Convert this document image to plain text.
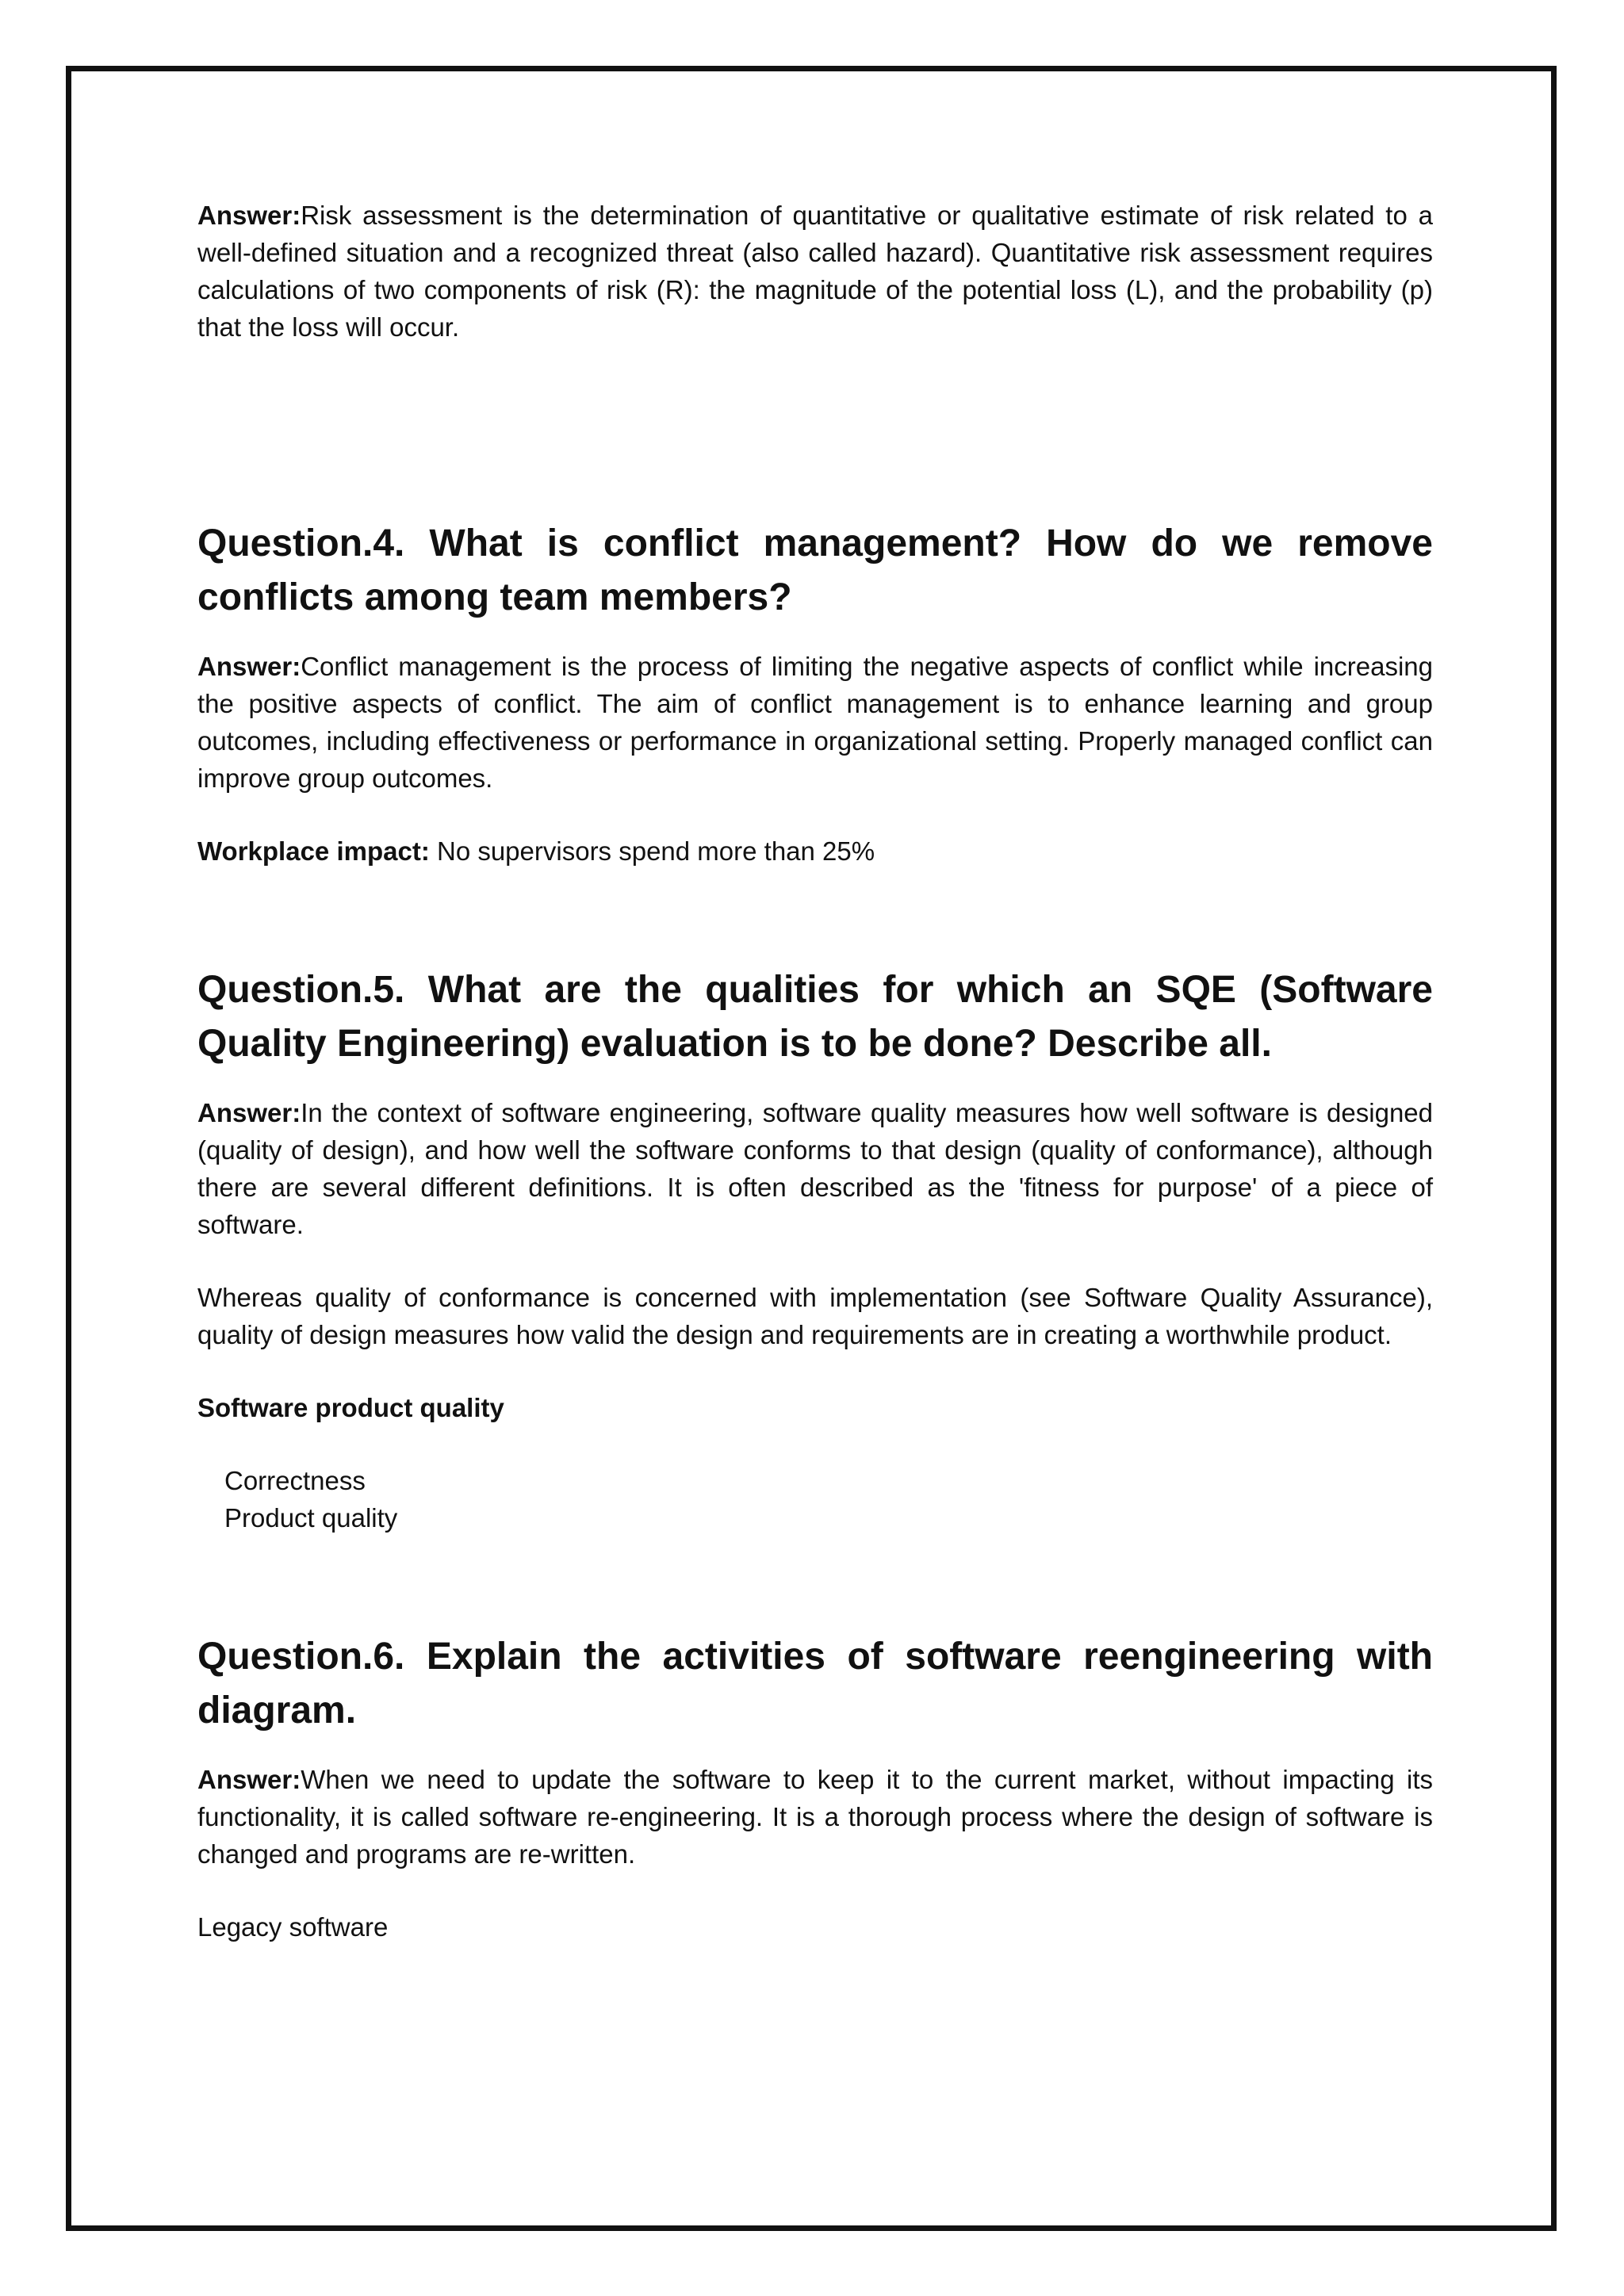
Answer:Risk assessment is the determination of quantitative or qualitative estimate of risk related to a well-defined situation and a recognized threat (also called hazard). Quantitative risk assessment requires calculations of two components of risk (R): the magnitude of the potential loss (L), and the probability (p) that the loss will occur.

Question.4. What is conflict management? How do we remove conflicts among team members?

Answer:Conflict management is the process of limiting the negative aspects of conflict while increasing the positive aspects of conflict. The aim of conflict management is to enhance learning and group outcomes, including effectiveness or performance in organizational setting. Properly managed conflict can improve group outcomes.

Workplace impact: No supervisors spend more than 25%

Question.5. What are the qualities for which an SQE (Software Quality Engineering) evaluation is to be done? Describe all.

Answer:In the context of software engineering, software quality measures how well software is designed (quality of design), and how well the software conforms to that design (quality of conformance), although there are several different definitions. It is often described as the 'fitness for purpose' of a piece of software.

Whereas quality of conformance is concerned with implementation (see Software Quality Assurance), quality of design measures how valid the design and requirements are in creating a worthwhile product.

Software product quality

Correctness
Product quality
Question.6. Explain the activities of software reengineering with diagram.

Answer:When we need to update the software to keep it to the current market, without impacting its functionality, it is called software re-engineering. It is a thorough process where the design of software is changed and programs are re-written.

Legacy software
